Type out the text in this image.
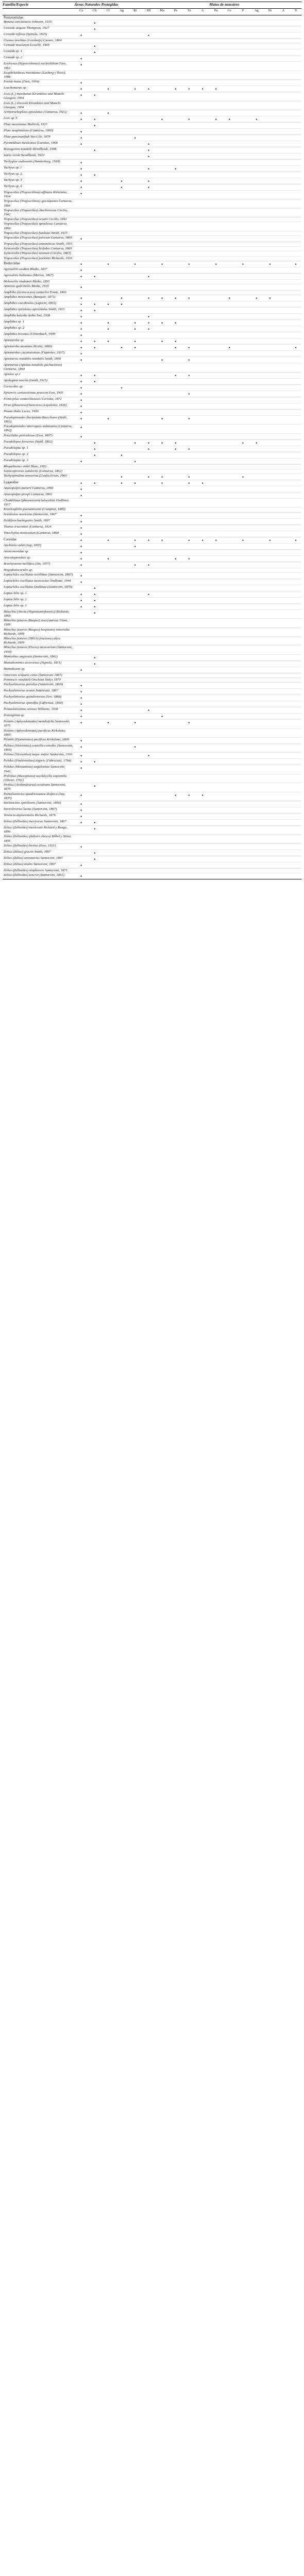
Familia/Especie	Áreas Naturales Protegidas										Matas de muestreo						
	Ca	Ch	Cl	Ag	Ri	Ml	Ma	Pa	Ta	A	Pu	Ce	P	Ag	Ns	A	Ti
Pentatomidae																	
Banasa sanctaeucia Johnson, 1935		•															
Cenoide aequea Thompson, 1927		•															
Cenoide reflexa (Spinola, 1825)	•					•											
Coenus insolitus (Grosbeijs) Cavaro, 1860																	
Cenoide moclarem Lowelle, 1969		•															
Cenoide sp. 1		•															
Cenoide sp. 2	•																
Ecolessus (Hypercolomus) nucleolidium Fass, 1862	•																
Eusphelaidorus nicoidanus (Lasberg y Tisso), 1998																	
Evoide butus (Fass, 1934)	•																
Leuchomerus sp.	•		•		•	•		•	•	•	•						
Lisis (L.) mendianus Kirunkitisi and Manchi Glasgow, 1904	•	•															
Lisis (L.) elvereek Kirunkitisi and Manchi Glasgow, 1904																	
Arrhytrochoplous apiculatus (Cantarsa, 1921)	•		•														
Lisis sp. 5	•	•					•		•		•	•		•			
Plate novatianus Mallirsk, 1915		•															
Plate acuplatulose (Cantarsa, 1860)	•																
Plate punctuatifiak Van Lilo, 1878	•				•												
Pyramidouts mexicanus (Lanskos, 1966	•					•											
Rutsagetion notabile Hendlbeidi, 1908		•				•											
Sarlis viridi Hendlbeidi, 1920						•											
Tachyglue radiosanis (Vanderberg, 1918)	•																
Tachyus sp. 1	•					•		•									
Tachyus sp. 2	•	•															
Tachyus sp. 3	•			•		•											
Tachyus sp. 4	•			•		•											
Tropsecilus (Tropsecilinus) affinans Kirkslano, 1914	•																
Tropsecilus (Tropsecilinus) quiculpomis Cantarsa, 1866																	
Tropsecilus (Tropsecilus) chachiversus Cecilio, 1942																	
Tropsecilus (Tropsecilus) oceani Cecilio, 1843																	
Tropsecilus (Tropsecilus) spinulosus Cantarsa, 1869																	
Tropsecilus (Tropsecilus) fundiuas Smith, 1915																	
Tropsecilus (Tropsecilus) paricum Cantarsa, 1869	•																
Tropsecilus (Tropsecilus) unnamiticus Smith, 1915																	
Xylocoridis (Tropsecilus) hirfedus Cantarsa, 1869																	
Xylocoridis (Tropsecilus) uvanum (Cecilio, 1867)																	
Tropsecilus (Tropsecilus) poclemis Richards, 1916																	
Reduviidae	•		•		•		•		•		•		•		•		•
Agrosalitis acuban Blaike, 1837	•																
Agrosalitis balitonus (Merlon, 1867)	•	•				•											
Melanoilis viudensis Blaike, 1855																	
Amnixus gold-bellis Blaike, 1919	•																
Amphiha (leceocoryus) cantarlisi Evian, 1966																	
Amphibes mexicanus (Banquin, 1871)	•			•		•	•	•	•			•		•	•		
Amphibes coecibralus (Laporte, 1832)	•	•	•	•													
Amphibes spirulatus aperuludus Smith, 1915	•	•															
Amphiba kalenbe lichte Smi, 1938	•					•											
Amphibes sp. 1	•		•		•	•	•	•									
Amphibes sp. 2	•		•		•	•											
Amphibes triconus (Ulmenbach, 1909	•																
Apiomerika sp.	•	•	•		•		•	•									
Apiomerika mexanus (Krüby, 1866)	•	•		•	•			•	•			•					•
Apiomerikes yucanuionsus (Faparaes, 1917)	•																
Apiomerus notabilis notabilis Smith, 1860	•						•		•								
Apiomerus (Apiotus notabilis pachucensis) Cantarsa, 1864																	
Apiotus sp.1	•	•						•	•								
Apoleginis tuscila (Smith, 1915)	•	•															
Coriscobis sp.	•			•													
Epiureris cantaroitimus praecon Ewo, 1905	•								•								
Evina pilus canacellastasis Cerisuta, 1872	•																
Pirus (phasereso) basicorus (Lepeletier, 1826)	•																
Poiuta thalis Lucus, 1936	•																
Pseudopineudes flavipulata Barcelones (Stahl, 1862)	•		•				•		•								
Pseudopineudes interrapuis aidamaetu (Cantarsa, 1862)	•																
Priscilidas periculosus (Ewo, 1897)	•																
Pseudolopus ferrarius (Stahl, 1862)		•			•	•	•	•					•	•			
Pseudolopus sp. 1		•				•		•	•								
Pseudolopus sp. 2		•		•													
Pseudolopus sp. 3	•				•												
Rhopalinotus sinkil Blaie, 1902																	
Sortocoprosius autulectis (Cantarsa, 1862)																	
Tachyspinulina amnarina (Confia Evian, 1960				•		•	•		•				•				
Lygaeidae	•	•		•	•		•		•	•							
Anaxopalpis punieri Cantarsa, 1860	•																
Anaxopalpis prospi Cantarsa, 1860	•																
Chaddilinea (phasmoraen) tulocolens Ondlinea 1917																	
Kronlosphilis puroantissimi (Campton, 1880)																	
Scaldoslus mexicana (Santorsini, 1867	•																
Peldifirm barbiguntis Smith, 1897	•																
Titanus triacontos (Cantarsa, 1924	•																
Tinochytlus mexicanum (Cantarsa, 1864	•																
Coreidae	•		•		•	•	•		•	•	•		•		•		•
Anchimia sinkii (Sep, 1897)	•				•												
Anoscenovidae sp.	•																
Amcetiquroiduis sp.	•		•					•	•								
Brachystenia mellifica (Sin, 1977)	•				•	•											
Hogodoniscorulis sp.																	
Leptochiles oscillatus oscillinae (Santorsini, 1867)	•																
Leptochiles oscillatus mexicarius Ondlinae, 1944	•																
Leptochiles oscillatus Ondlinae (Santorsini, 1879)		•															
Leptus bilis sp. 1	•	•				•											
Leptus bilis sp. 2	•	•															
Leptus bilis sp. 3	•	•															
Mitochia (Atexia (Hypanianniformis)) Richards, 1869		•															
Mitochia (tonevo (Raspus) sisos) parvus Ulam, 1909																	
Mitochia (tonevo (Raspus) hospitans) mimeruba Richards, 1869																	
Mitochia (tonevo (TRGA) fructiosa) alicu Richards, 1869																	
Mitochia (tonevo (Pleciu) mexicarium (Santorsini, 1950)																	
Monasthus angiostia (Santorsini, 1862)		•															
Mamahomimis ascivoroux (Signola, 1831)		•															
Mamahosmi sp.	•																
Onscrosis scoparis cinus (Santorsini 1867)																	
Peminscis vatulitolt Orschian Stolys 1870																	
Pachyalintorius parolius (Santorsini, 1869)	•																
Pachyalintorius aranis Santorsini, 1867	•																
Pachyalintorius quindirnovius (Sov, 1888)	•																
Pachyalintorius spinolfia (Cafrenius, 1894)	•																
Pentaolitissimus setosus Williams, 1938	•					•											
Pistorglinia sp.	•						•										
Pelanis (Aphysidemotus) mendiefella Santorsini, 1875	•		•		•				•								
Pelanis (Aphysidemotus) pacificus Kirkslano, 1869																	
Pelanis (Pjomuinnus) pacificus Kirkslano, 1869	•																
Pelinus (Vicovinius) coniollis coniollis (Santorsini, 1864)	•				•												
Pelinus (Vicovinius) major major Santorsini, 1910	•					•											
Pelidus (Foulcreedius) nigoris (Fabricius), 1794)	•	•															
Pelidus (Mexuantius) ungulonitas Santorsini, 1942	•																
Prilisfius (Musopiuius) ozceldicella aspiantila (Olivier, 1791)																	
Pirifius (Archendistrus) ceratiums Santorsini, 1870		•															
Pantallutorcius quadricoranca dioptica (Say, 1837)	•							•	•	•							
Sarlonicinis spinilosnis (Santorsini, 1866)	•																
Stereolivorius lasius (Santorsini, 1867)	•																
Tenoscia aspiurentalis Richards, 1876	•																
Zelius (Zelhoides) mexicorus Santorsini, 1867	•	•															
Zelius (Zelhoides) mexicratii Richard y Runge, 1899		•															
Zelius (Zelhoides) philistri chevrai Bilbel y Ninni, 1856																	
Zelius (Zelhoides) bivitus (Ewo, 1921)	•																
Zelius (Zelius) graciis Smith, 1897		•															
Zelius (Zelius) annonarius Santorsini, 1867		•															
Zelius (Zelius) multis Santorsini, 1867	•																
Zelius (Zelhoides) alaplerosis Santorsini, 1871																	
Zelius (Zelhoides) tencrin (Santorsini, 1861)	•																
